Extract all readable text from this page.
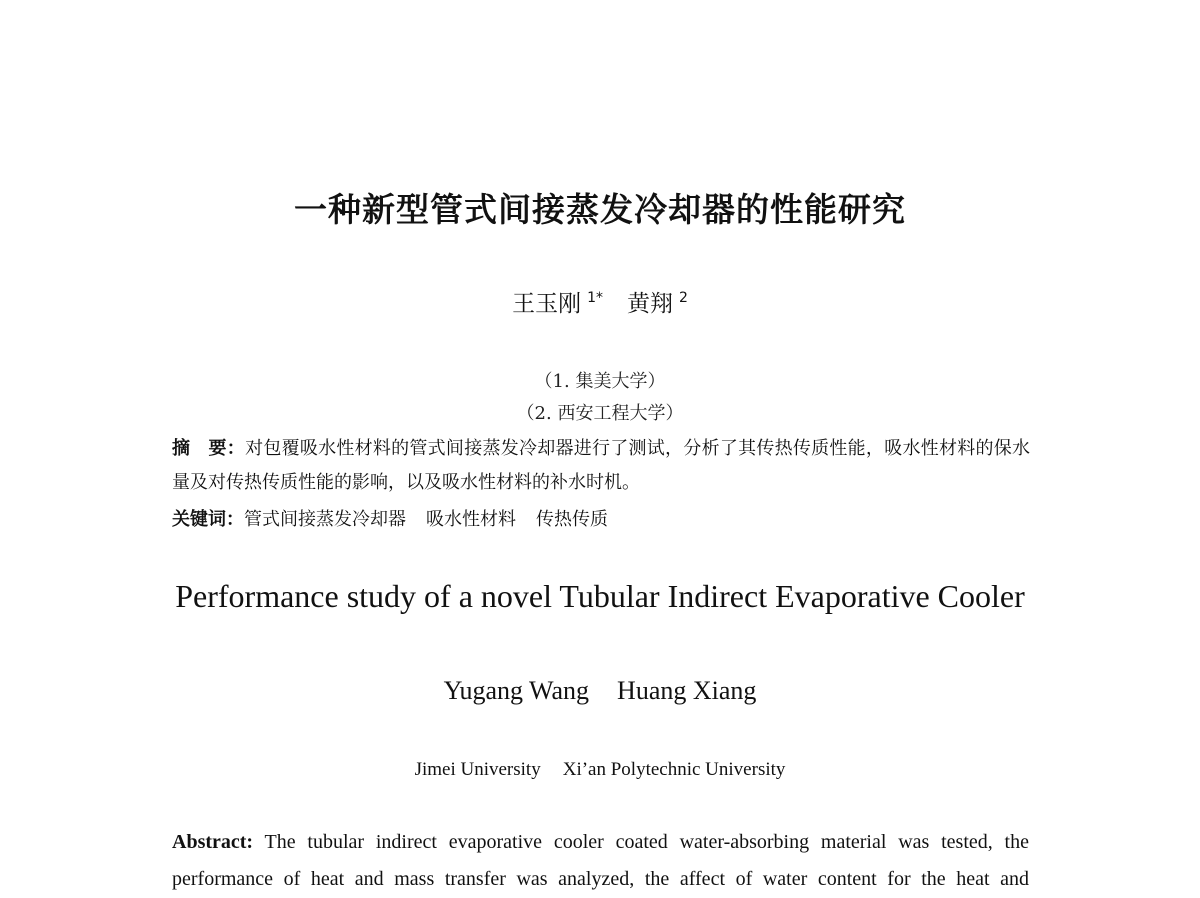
一种新型管式间接蒸发冷却器的性能研究
王玉刚 $^{1*}$ 黄翔 $^2$
（1. 集美大学）
（2. 西安工程大学）
摘 要：对包覆吸水性材料的管式间接蒸发冷却器进行了测试，分析了其传热传质性能，吸水性材料的保水量及对传热传质性能的影响，以及吸水性材料的补水时机。
关键词：管式间接蒸发冷却器 吸水性材料 传热传质
Performance study of a novel Tubular Indirect Evaporative Cooler
Yugang Wang Huang Xiang
Jimei University Xi’an Polytechnic University
Abstract: The tubular indirect evaporative cooler coated water-absorbing material was tested, the
performance of heat and mass transfer was analyzed, the affect of water content for the heat and
